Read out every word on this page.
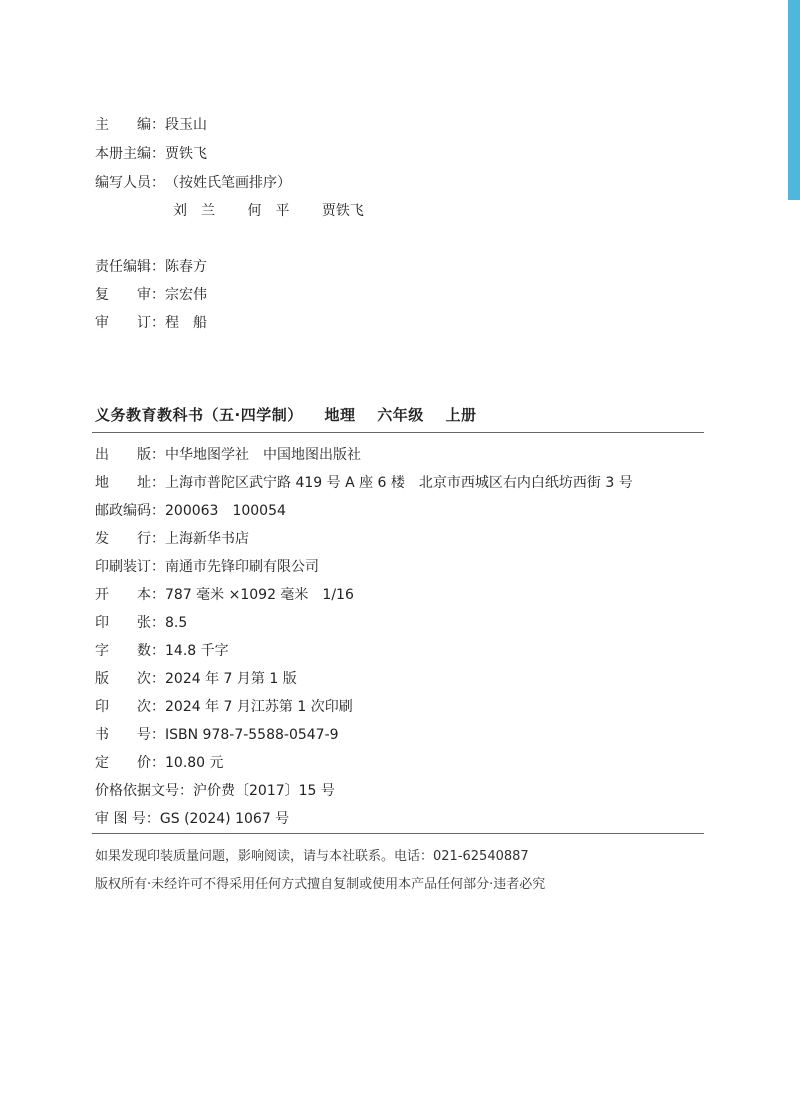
主　　编：段玉山
本册主编：贾铁飞
编写人员：（按姓氏笔画排序）
刘　兰 何　平 贾铁飞
责任编辑：陈春方
复　　审：宗宏伟
审　　订：程　船
义务教育教科书（五·四学制） 地理 六年级 上册
出　　版：中华地图学社　中国地图出版社
地　　址：上海市普陀区武宁路 419 号 A 座 6 楼　北京市西城区右内白纸坊西街 3 号
邮政编码：200063　100054
发　　行：上海新华书店
印刷装订：南通市先锋印刷有限公司
开　　本：787 毫米 ×1092 毫米　1/16
印　　张：8.5
字　　数：14.8 千字
版　　次：2024 年 7 月第 1 版
印　　次：2024 年 7 月江苏第 1 次印刷
书　　号：ISBN 978-7-5588-0547-9
定　　价：10.80 元
价格依据文号：沪价费〔2017〕15 号
审 图 号：GS (2024) 1067 号
如果发现印装质量问题，影响阅读，请与本社联系。电话：021-62540887
版权所有·未经许可不得采用任何方式擅自复制或使用本产品任何部分·违者必究
